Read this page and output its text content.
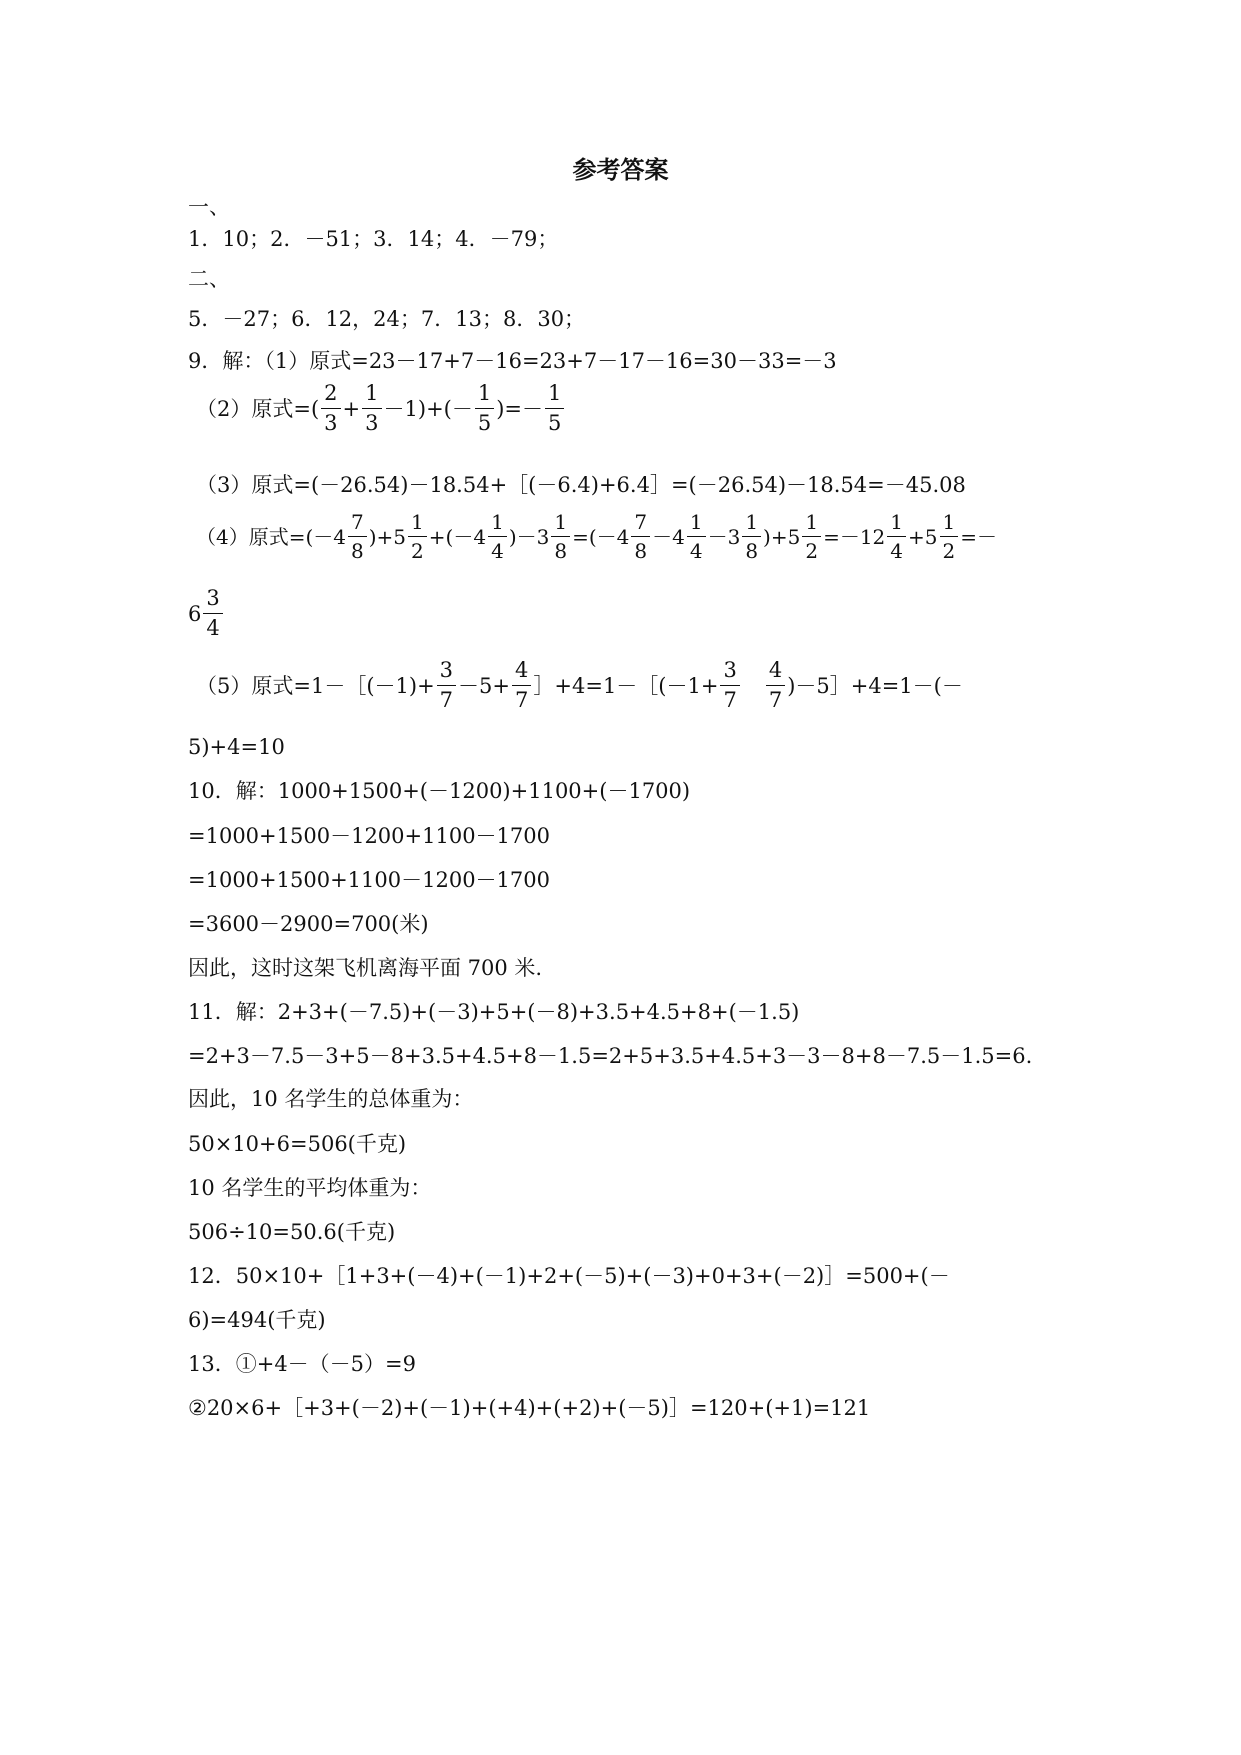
参考答案
一、
1．10；2．－51；3．14；4．－79；
二、
5．－27；6．12，24；7．13；8．30；
9．解：（1）原式=23－17+7－16=23+7－17－16=30－33=－3
（2）原式=( $\frac{2}{3} + \frac{1}{3} -1)+(- \frac{1}{5}$ )=－ $\frac{1}{5}$
（3）原式=(－26.54)－18.54+［(－6.4)+6.4］=(－26.54)－18.54=－45.08
（4）原式$=(-4 \frac{7}{8} )+5 \frac{1}{2} +(-4 \frac{1}{4} )-3 \frac{1}{8} =(-4 \frac{7}{8} -4 \frac{1}{4} -3 \frac{1}{8} )+5 \frac{1}{2} =-12 \frac{1}{4} +5 \frac{1}{2}$ =－
$6 \frac{3}{4}$
（5）原式=1－［(－1)+ $\frac{3}{7} -5+ \frac{4}{7}$ ］+4=1－［(－1+ $\frac{3}{7} \frac{4}{7}$ )－5］+4=1－(－
5)+4=10
10．解：1000+1500+(－1200)+1100+(－1700)
=1000+1500－1200+1100－1700
=1000+1500+1100－1200－1700
=3600－2900=700(米)
因此，这时这架飞机离海平面 700 米.
11．解：2+3+(－7.5)+(－3)+5+(－8)+3.5+4.5+8+(－1.5)
=2+3－7.5－3+5－8+3.5+4.5+8－1.5=2+5+3.5+4.5+3－3－8+8－7.5－1.5=6.
因此，10 名学生的总体重为：
50×10+6=506(千克)
10 名学生的平均体重为：
506÷10=50.6(千克)
12．50×10+［1+3+(－4)+(－1)+2+(－5)+(－3)+0+3+(－2)］=500+(－
6)=494(千克)
13．①+4－（－5）=9
②20×6+［+3+(－2)+(－1)+(+4)+(+2)+(－5)］=120+(+1)=121
